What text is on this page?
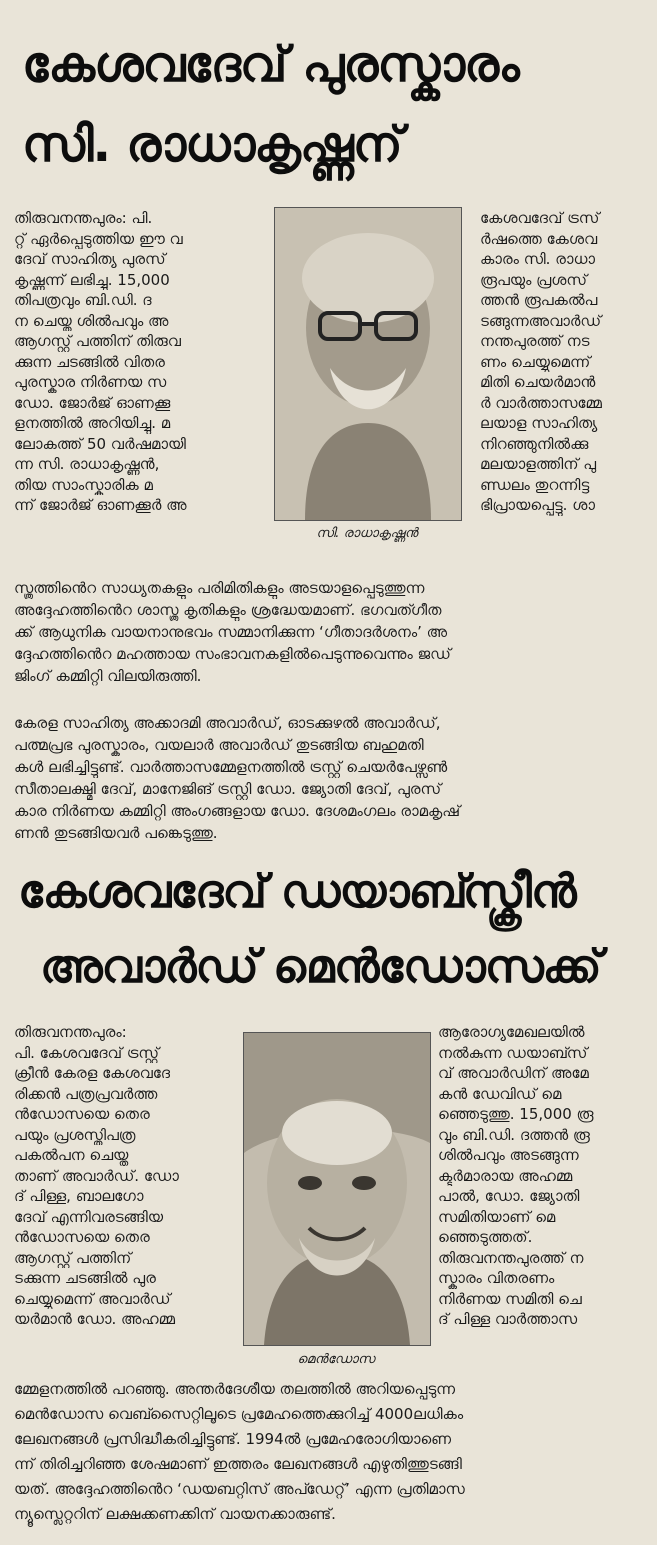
കേശവദേവ് പുരസ്കാരം
സി. രാധാകൃഷ്ണന്
തിരുവനന്തപുരം: പി.
റ്റ് ഏർപ്പെടുത്തിയ ഈ വ
ദേവ് സാഹിത്യ പുരസ്
കൃഷ്ണന്ന് ലഭിച്ചു. 15,000
തിപത്രവും ബി.ഡി. ദ
ന ചെയ്ത ശിൽപവും അ
ആഗസ്റ്റ് പത്തിന് തിരുവ
ക്കുന്ന ചടങ്ങിൽ വിതര
പുരസ്കാര നിർണയ സ
ഡോ. ജോർജ് ഓണക്കൂ
ളനത്തിൽ അറിയിച്ചു. മ
ലോകത്ത് 50 വർഷമായി
ന്ന സി. രാധാകൃഷ്ണൻ,
തിയ സാംസ്കാരിക മ
ന്ന് ജോർജ് ഓണക്കൂർ അ
സി. രാധാകൃഷ്ണൻ
കേശവദേവ് ട്രസ്
ർഷത്തെ കേശവ
കാരം സി. രാധാ
രൂപയും പ്രശസ്
ത്തൻ രൂപകൽപ
ടങ്ങുന്നഅവാർഡ്
നന്തപുരത്ത് നട
ണം ചെയ്യുമെന്ന്
മിതി ചെയർമാൻ
ർ വാർത്താസമ്മേ
ലയാള സാഹിത്യ
നിറഞ്ഞുനിൽക്കു
മലയാളത്തിന് പു
ണ്ഡലം തുറന്നിട്ട
ഭിപ്രായപ്പെട്ടു. ശാ
സ്ത്രത്തിൻെറ സാധ്യതകളും പരിമിതികളും അടയാളപ്പെടുത്തുന്ന
അദ്ദേഹത്തിൻെറ ശാസ്ത്ര കൃതികളും ശ്രദ്ധേയമാണ്. ഭഗവത്ഗീത
ക്ക് ആധുനിക വായനാനുഭവം സമ്മാനിക്കുന്ന ‘ഗീതാദർശനം’ അ
ദ്ദേഹത്തിൻെറ മഹത്തായ സംഭാവനകളിൽപെടുന്നുവെന്നും ജഡ്
ജിംഗ് കമ്മിറ്റി വിലയിരുത്തി.
കേരള സാഹിത്യ അക്കാദമി അവാർഡ്, ഓടക്കുഴൽ അവാർഡ്,
പത്മപ്രഭ പുരസ്കാരം, വയലാർ അവാർഡ് തുടങ്ങിയ ബഹുമതി
കൾ ലഭിച്ചിട്ടുണ്ട്. വാർത്താസമ്മേളനത്തിൽ ട്രസ്റ്റ് ചെയർപേഴ്സൺ
സീതാലക്ഷ്മി ദേവ്, മാനേജിങ് ട്രസ്റ്റി ഡോ. ജ്യോതി ദേവ്, പുരസ്
കാര നിർണയ കമ്മിറ്റി അംഗങ്ങളായ ഡോ. ദേശമംഗലം രാമകൃഷ്
ണൻ തുടങ്ങിയവർ പങ്കെടുത്തു.
കേശവദേവ് ഡയാബ്സ്ക്രീൻ
അവാർഡ് മെൻഡോസക്ക്
തിരുവനന്തപുരം:
പി. കേശവദേവ് ട്രസ്റ്റ്
ക്രീൻ കേരള കേശവദേ
രിക്കൻ പത്രപ്രവർത്ത
ൻഡോസയെ തെര
പയും പ്രശസ്തിപത്ര
പകൽപന ചെയ്ത
താണ് അവാർഡ്. ഡോ
ദ് പിള്ള, ബാലഗോ
ദേവ് എന്നിവരടങ്ങിയ
ൻഡോസയെ തെര
ആഗസ്റ്റ് പത്തിന്
ടക്കുന്ന ചടങ്ങിൽ പുര
ചെയ്യുമെന്ന് അവാർഡ്
യർമാൻ ഡോ. അഹമ്മ
മെൻഡോസ
ആരോഗ്യമേഖലയിൽ
നൽകുന്ന ഡയാബ്സ്
വ് അവാർഡിന് അമേ
കൻ ഡേവിഡ് മെ
ഞ്ഞെടുത്തു. 15,000 രൂ
വും ബി.ഡി. ദത്തൻ രൂ
ശിൽപവും അടങ്ങുന്ന
ക്ടർമാരായ അഹമ്മ
പാൽ, ഡോ. ജ്യോതി
സമിതിയാണ് മെ
ഞ്ഞെടുത്തത്.
തിരുവനന്തപുരത്ത് ന
സ്കാരം വിതരണം
നിർണയ സമിതി ചെ
ദ് പിള്ള വാർത്താസ
മ്മേളനത്തിൽ പറഞ്ഞു. അന്തർദേശീയ തലത്തിൽ അറിയപ്പെടുന്ന
മെൻഡോസ വെബ്സൈറ്റിലൂടെ പ്രമേഹത്തെക്കുറിച്ച് 4000ലധികം
ലേഖനങ്ങൾ പ്രസിദ്ധീകരിച്ചിട്ടുണ്ട്. 1994ൽ പ്രമേഹരോഗിയാണെ
ന്ന് തിരിച്ചറിഞ്ഞ ശേഷമാണ് ഇത്തരം ലേഖനങ്ങൾ എഴുതിത്തുടങ്ങി
യത്. അദ്ദേഹത്തിൻെറ ‘ഡയബറ്റിസ് അപ്ഡേറ്റ്’ എന്ന പ്രതിമാസ
ന്യൂസ്ലെറ്ററിന് ലക്ഷക്കണക്കിന് വായനക്കാരുണ്ട്.
